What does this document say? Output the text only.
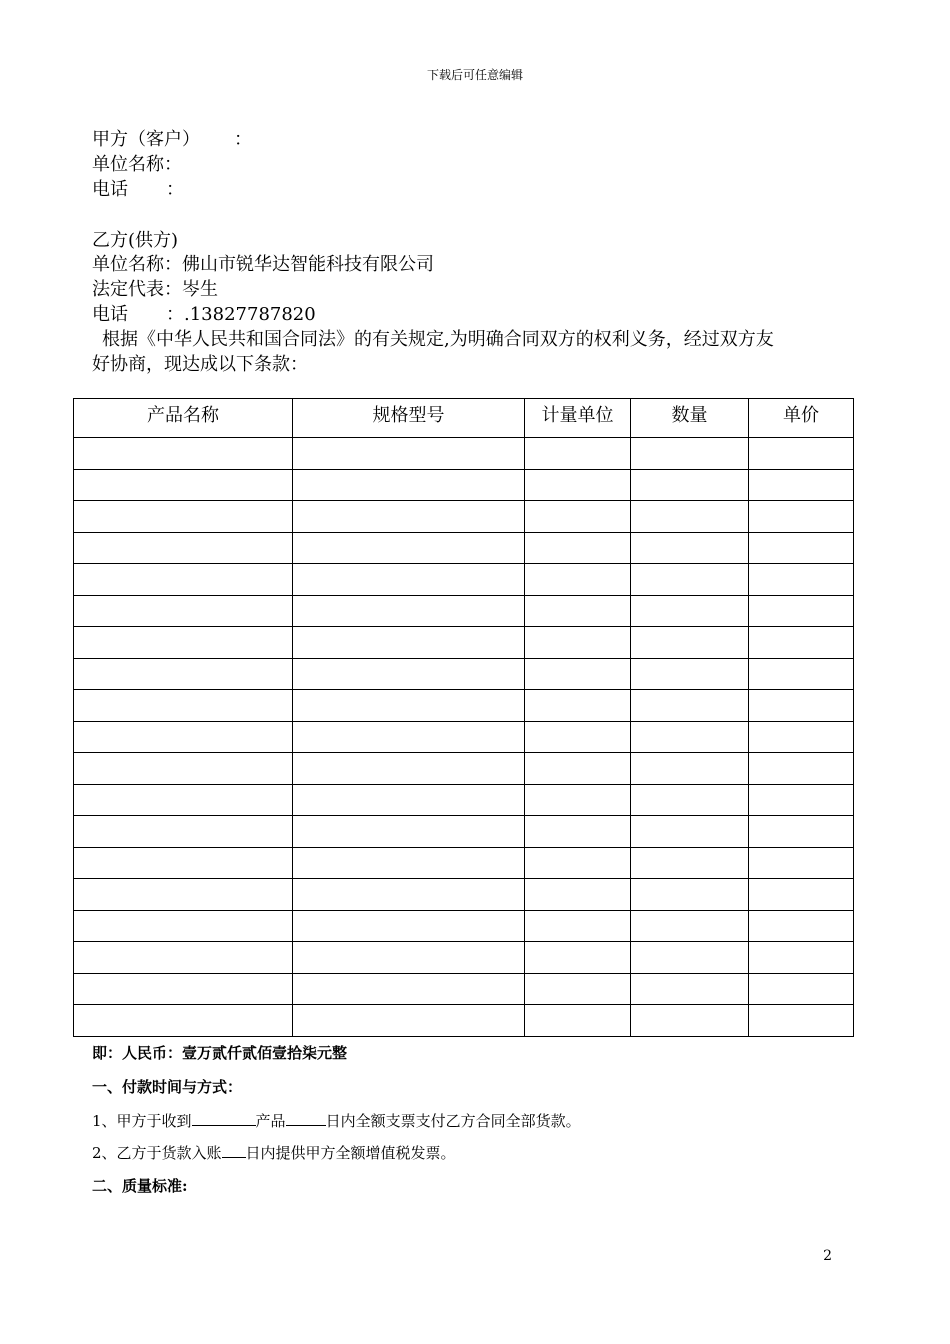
下载后可任意编辑
甲方（客户） ：
单位名称：
电话 ：
乙方(供方)
单位名称：佛山市锐华达智能科技有限公司
法定代表：岑生
电话 ：.13827787820
根据《中华人民共和国合同法》的有关规定,为明确合同双方的权利义务，经过双方友
好协商，现达成以下条款：
产品名称	规格型号	计量单位	数量	单价

即：人民币：壹万贰仟贰佰壹拾柒元整
一、付款时间与方式：
1、甲方于收到	产品	日内全额支票支付乙方合同全部货款。
2、乙方于货款入账 日内提供甲方全额增值税发票。
二、质量标准:
2
